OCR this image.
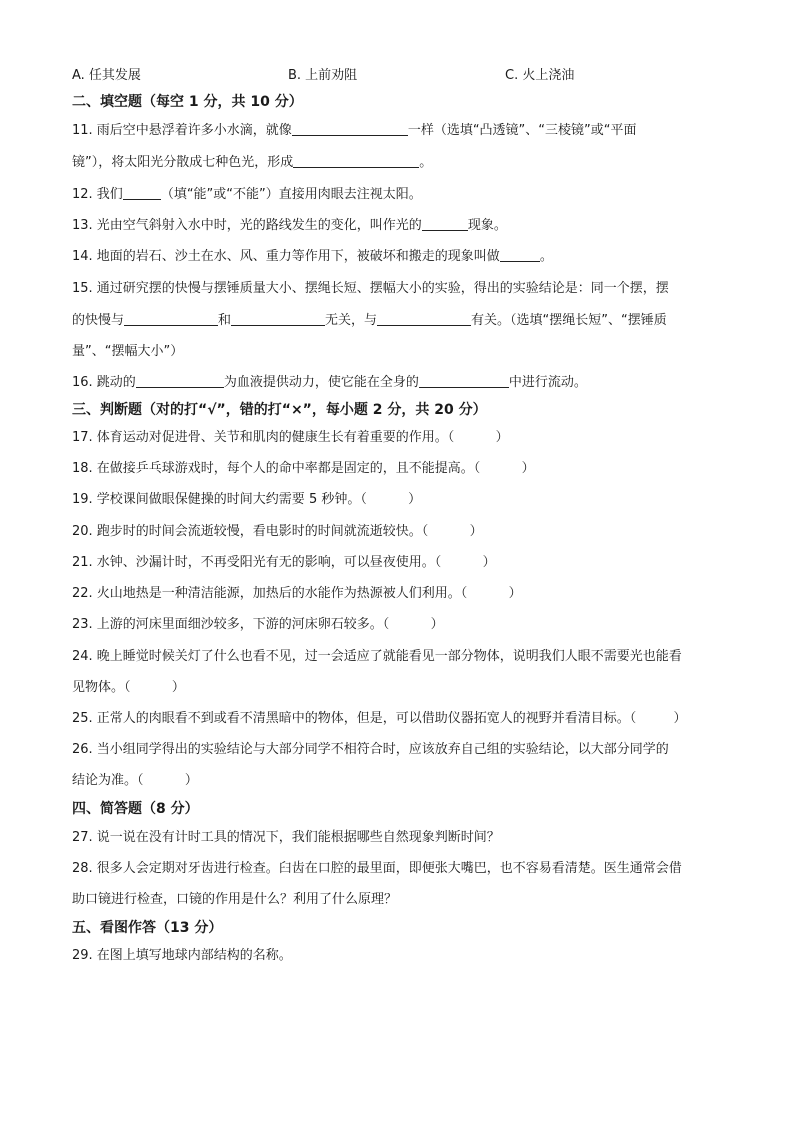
A. 任其发展	B. 上前劝阻	C. 火上浇油
二、填空题（每空 1 分，共 10 分）
11. 雨后空中悬浮着许多小水滴，就像	一样（选填“凸透镜”、“三棱镜”或“平面
镜”），将太阳光分散成七种色光，形成	。
12. 我们	（填“能”或“不能”）直接用肉眼去注视太阳。
13. 光由空气斜射入水中时，光的路线发生的变化，叫作光的	现象。
14. 地面的岩石、沙土在水、风、重力等作用下，被破坏和搬走的现象叫做	。
15. 通过研究摆的快慢与摆锤质量大小、摆绳长短、摆幅大小的实验，得出的实验结论是：同一个摆，摆
的快慢与	和	无关，与	有关。（选填“摆绳长短”、“摆锤质
量”、“摆幅大小”）
16. 跳动的	为血液提供动力，使它能在全身的	中进行流动。
三、判断题（对的打“√”，错的打“×”，每小题 2 分，共 20 分）
17. 体育运动对促进骨、关节和肌肉的健康生长有着重要的作用。（	）
18. 在做接乒乓球游戏时，每个人的命中率都是固定的，且不能提高。（	）
19. 学校课间做眼保健操的时间大约需要 5 秒钟。（	）
20. 跑步时的时间会流逝较慢，看电影时的时间就流逝较快。（	）
21. 水钟、沙漏计时，不再受阳光有无的影响，可以昼夜使用。（	）
22. 火山地热是一种清洁能源，加热后的水能作为热源被人们利用。（	）
23. 上游的河床里面细沙较多，下游的河床卵石较多。（	）
24. 晚上睡觉时候关灯了什么也看不见，过一会适应了就能看见一部分物体，说明我们人眼不需要光也能看
见物体。（	）
25. 正常人的肉眼看不到或看不清黑暗中的物体，但是，可以借助仪器拓宽人的视野并看清目标。（	）
26. 当小组同学得出的实验结论与大部分同学不相符合时，应该放弃自己组的实验结论，以大部分同学的
结论为准。（	）
四、简答题（8 分）
27. 说一说在没有计时工具的情况下，我们能根据哪些自然现象判断时间？
28. 很多人会定期对牙齿进行检查。臼齿在口腔的最里面，即便张大嘴巴，也不容易看清楚。医生通常会借
助口镜进行检查，口镜的作用是什么？利用了什么原理？
五、看图作答（13 分）
29. 在图上填写地球内部结构的名称。
